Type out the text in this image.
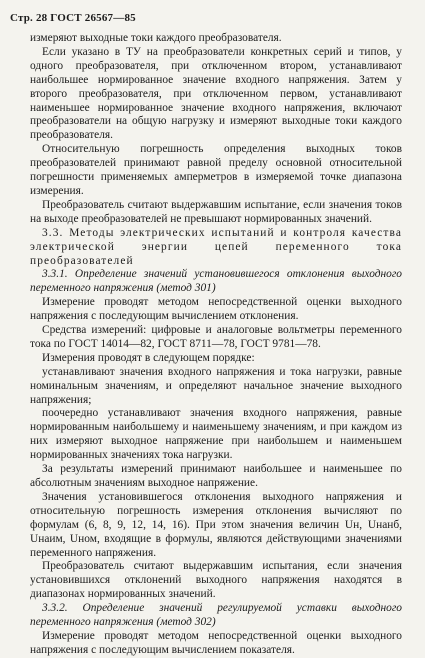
Стр. 28 ГОСТ 26567—85

измеряют выходные токи каждого преобразователя.

Если указано в ТУ на преобразователи конкретных серий и типов, у одного преобразователя, при отключенном втором, устанавливают наибольшее нормированное значение входного напряжения. Затем у второго преобразователя, при отключенном первом, устанавливают наименьшее нормированное значение входного напряжения, включают преобразователи на общую нагрузку и измеряют выходные токи каждого преобразователя.

Относительную погрешность определения выходных токов преобразователей принимают равной пределу основной относительной погрешности применяемых амперметров в измеряемой точке диапазона измерения.

Преобразователь считают выдержавшим испытание, если значения токов на выходе преобразователей не превышают нормированных значений.

3.3. Методы электрических испытаний и контроля качества электрической энергии цепей переменного тока преобразователей

3.3.1. Определение значений установившегося отклонения выходного переменного напряжения (метод 301)

Измерение проводят методом непосредственной оценки выходного напряжения с последующим вычислением отклонения.

Средства измерений: цифровые и аналоговые вольтметры переменного тока по ГОСТ 14014—82, ГОСТ 8711—78, ГОСТ 9781—78.

Измерения проводят в следующем порядке:

устанавливают значения входного напряжения и тока нагрузки, равные номинальным значениям, и определяют начальное значение выходного напряжения;

поочередно устанавливают значения входного напряжения, равные нормированным наибольшему и наименьшему значениям, и при каждом из них измеряют выходное напряжение при наибольшем и наименьшем нормированных значениях тока нагрузки.

За результаты измерений принимают наибольшее и наименьшее по абсолютным значениям выходное напряжение.

Значения установившегося отклонения выходного напряжения и относительную погрешность измерения отклонения вычисляют по формулам (6, 8, 9, 12, 14, 16). При этом значения величин Uн, Uнанб, Uнаим, Uном, входящие в формулы, являются действующими значениями переменного напряжения.

Преобразователь считают выдержавшим испытания, если значения установившихся отклонений выходного напряжения находятся в диапазонах нормированных значений.

3.3.2. Определение значений регулируемой уставки выходного переменного напряжения (метод 302)

Измерение проводят методом непосредственной оценки выходного напряжения с последующим вычислением показателя.
